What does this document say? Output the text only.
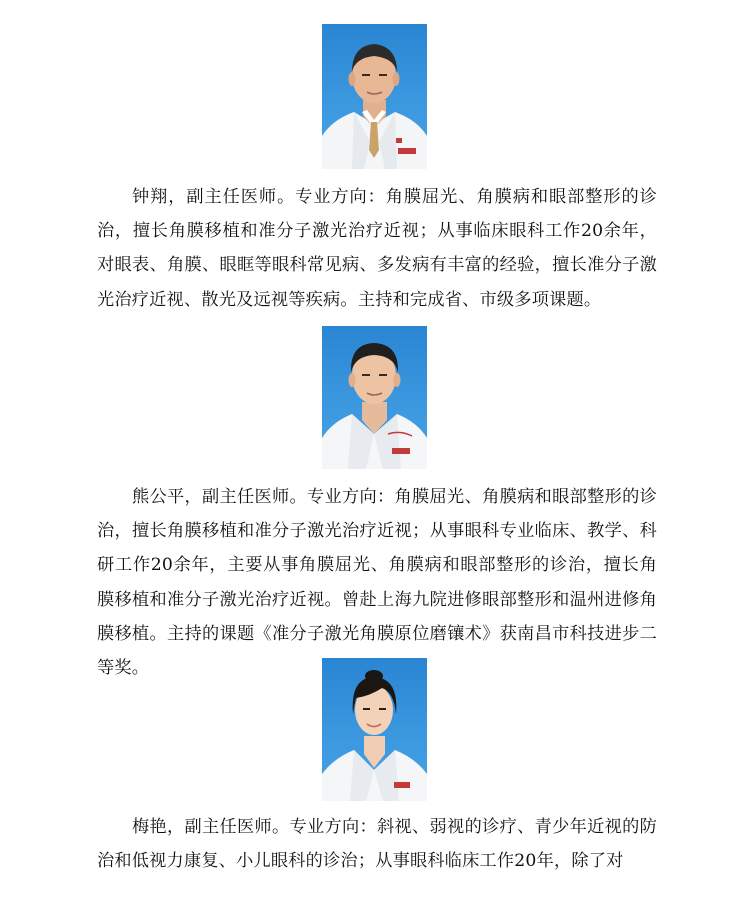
钟翔，副主任医师。专业方向：角膜屈光、角膜病和眼部整形的诊治，擅长角膜移植和准分子激光治疗近视；从事临床眼科工作20余年，对眼表、角膜、眼眶等眼科常见病、多发病有丰富的经验，擅长准分子激光治疗近视、散光及远视等疾病。主持和完成省、市级多项课题。

熊公平，副主任医师。专业方向：角膜屈光、角膜病和眼部整形的诊治，擅长角膜移植和准分子激光治疗近视；从事眼科专业临床、教学、科研工作20余年，主要从事角膜屈光、角膜病和眼部整形的诊治，擅长角膜移植和准分子激光治疗近视。曾赴上海九院进修眼部整形和温州进修角膜移植。主持的课题《准分子激光角膜原位磨镶术》获南昌市科技进步二等奖。

梅艳，副主任医师。专业方向：斜视、弱视的诊疗、青少年近视的防治和低视力康复、小儿眼科的诊治；从事眼科临床工作20年，除了对
